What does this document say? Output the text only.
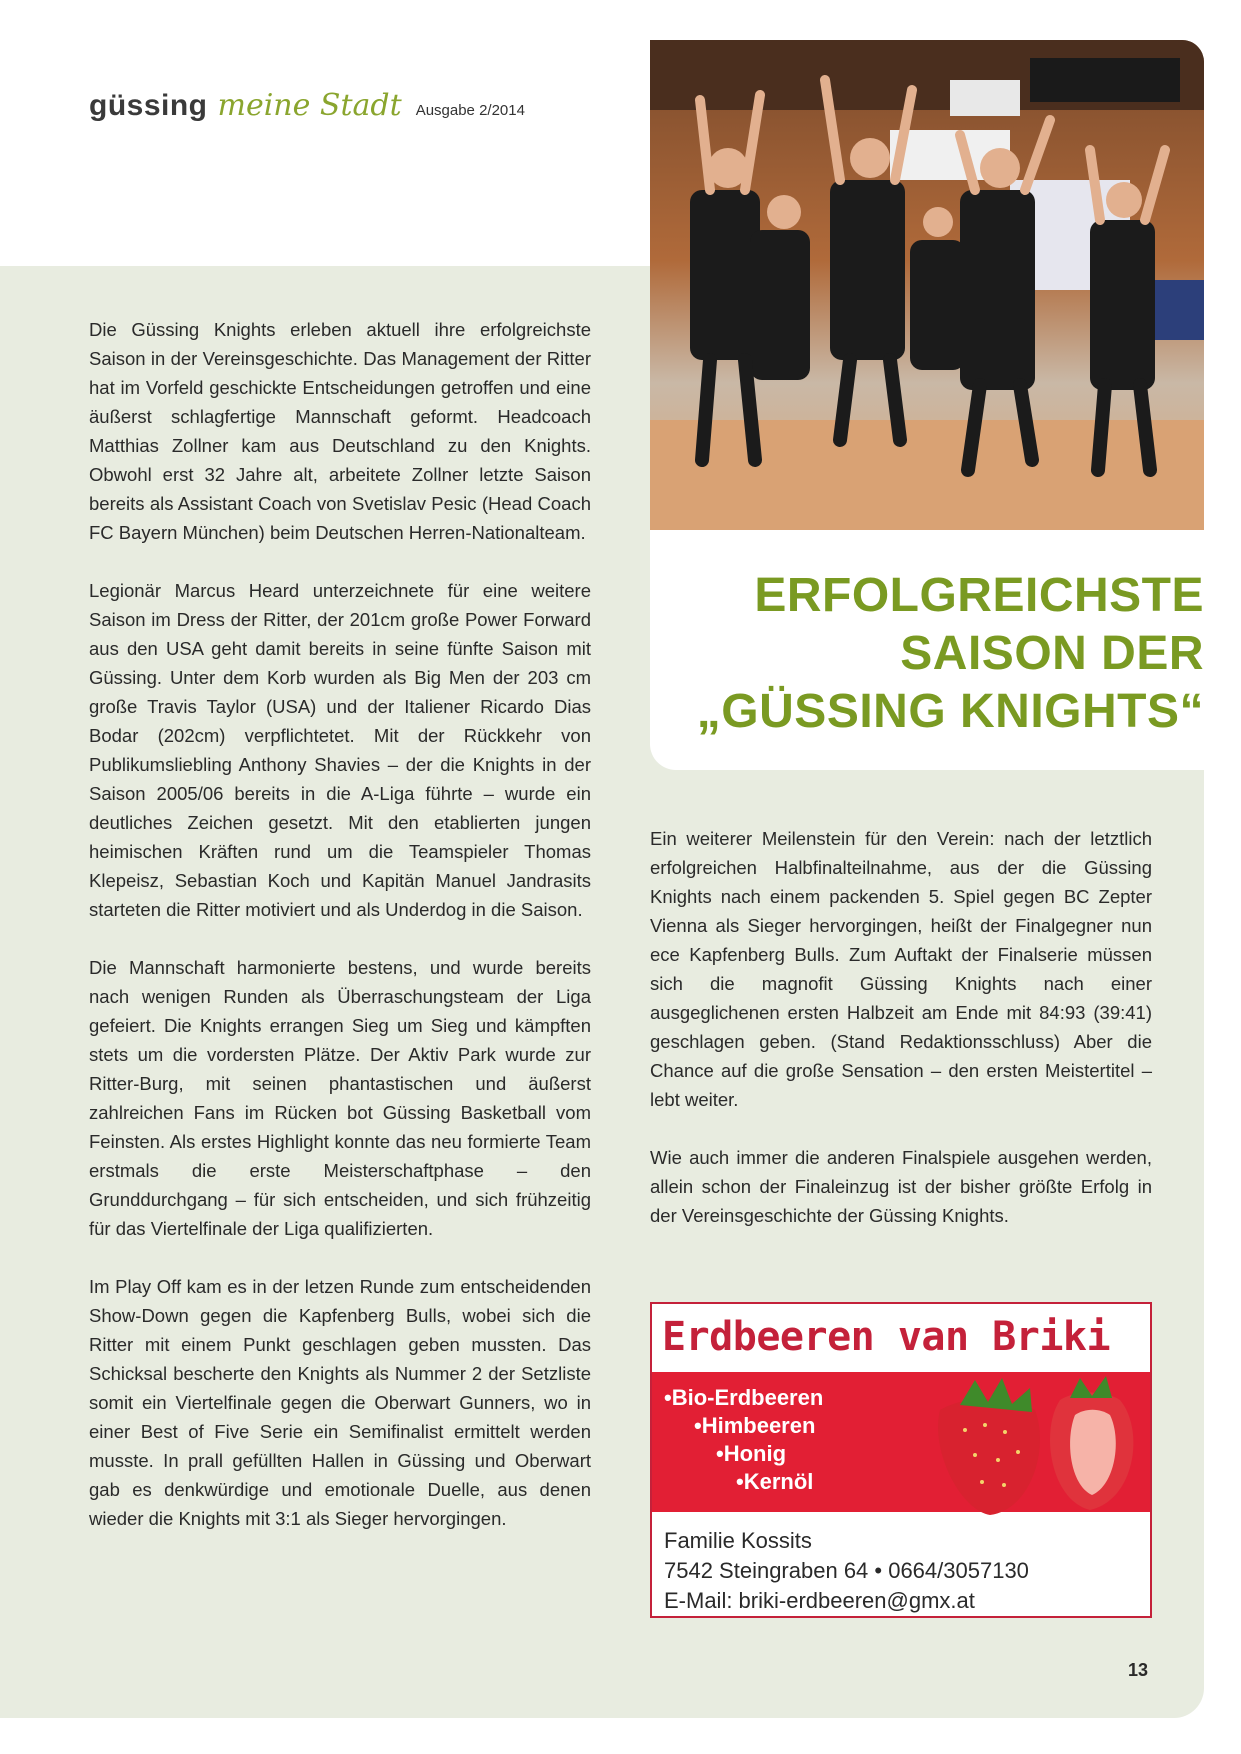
güssing meine Stadt Ausgabe 2/2014
ERFOLGREICHSTE
SAISON DER
„GÜSSING KNIGHTS“

Die Güssing Knights erleben aktuell ihre erfolgreichste Saison in der Vereinsgeschichte. Das Management der Ritter hat im Vorfeld geschickte Entscheidungen getroffen und eine äußerst schlagfertige Mannschaft geformt. Headcoach Matthias Zollner kam aus Deutschland zu den Knights. Obwohl erst 32 Jahre alt, arbeitete Zollner letzte Saison bereits als Assistant Coach von Svetislav Pesic (Head Coach FC Bayern München) beim Deutschen Herren-Nationalteam.

Legionär Marcus Heard unterzeichnete für eine weitere Saison im Dress der Ritter, der 201cm große Power Forward aus den USA geht damit bereits in seine fünfte Saison mit Güssing. Unter dem Korb wurden als Big Men der 203 cm große Travis Taylor (USA) und der Italiener Ricardo Dias Bodar (202cm) verpflichtetet. Mit der Rückkehr von Publikumsliebling Anthony Shavies – der die Knights in der Saison 2005/06 bereits in die A-Liga führte – wurde ein deutliches Zeichen gesetzt. Mit den etablierten jungen heimischen Kräften rund um die Teamspieler Thomas Klepeisz, Sebastian Koch und Kapitän Manuel Jandrasits starteten die Ritter motiviert und als Underdog in die Saison.

Die Mannschaft harmonierte bestens, und wurde bereits nach wenigen Runden als Überraschungsteam der Liga gefeiert. Die Knights errangen Sieg um Sieg und kämpften stets um die vordersten Plätze. Der Aktiv Park wurde zur Ritter-Burg, mit seinen phantastischen und äußerst zahlreichen Fans im Rücken bot Güssing Basketball vom Feinsten. Als erstes Highlight konnte das neu formierte Team erstmals die erste Meisterschaftphase – den Grunddurchgang – für sich entscheiden, und sich frühzeitig für das Viertelfinale der Liga qualifizierten.

Im Play Off kam es in der letzen Runde zum entscheidenden Show-Down gegen die Kapfenberg Bulls, wobei sich die Ritter mit einem Punkt geschlagen geben mussten. Das Schicksal bescherte den Knights als Nummer 2 der Setzliste somit ein Viertelfinale gegen die Oberwart Gunners, wo in einer Best of Five Serie ein Semifinalist ermittelt werden musste. In prall gefüllten Hallen in Güssing und Oberwart gab es denkwürdige und emotionale Duelle, aus denen wieder die Knights mit 3:1 als Sieger hervorgingen.

Ein weiterer Meilenstein für den Verein: nach der letztlich erfolgreichen Halbfinalteilnahme, aus der die Güssing Knights nach einem packenden 5. Spiel gegen BC Zepter Vienna als Sieger hervorgingen, heißt der Finalgegner nun ece Kapfenberg Bulls. Zum Auftakt der Finalserie müssen sich die magnofit Güssing Knights nach einer ausgeglichenen ersten Halbzeit am Ende mit 84:93 (39:41) geschlagen geben. (Stand Redaktionsschluss) Aber die Chance auf die große Sensation – den ersten Meistertitel – lebt weiter.

Wie auch immer die anderen Finalspiele ausgehen werden, allein schon der Finaleinzug ist der bisher größte Erfolg in der Vereinsgeschichte der Güssing Knights.

Erdbeeren van Briki
• Bio-Erdbeeren
• Himbeeren
• Honig
• Kernöl
Familie Kossits
7542 Steingraben 64 • 0664/3057130
E-Mail: briki-erdbeeren@gmx.at
13
